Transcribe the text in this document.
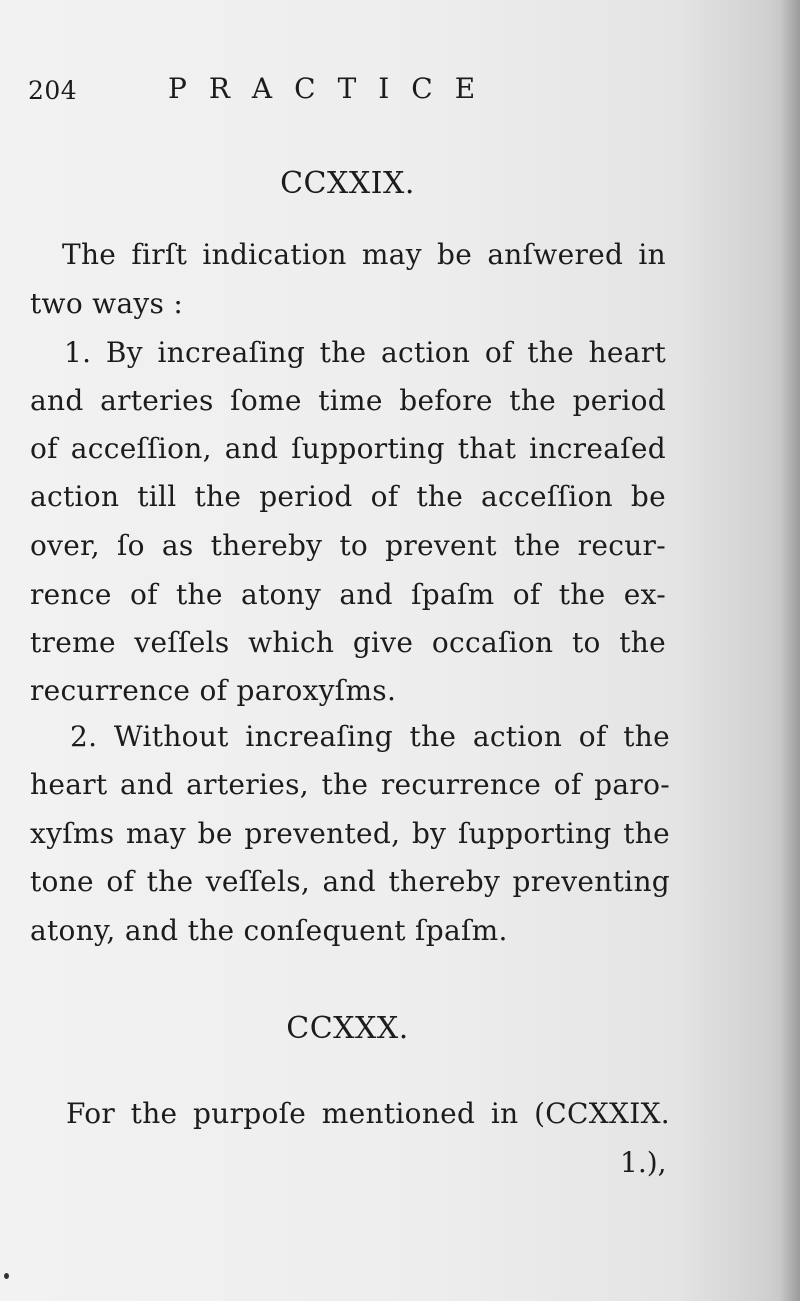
204	PRACTICE
CCXXIX.
The firſt indication may be anſwered in
two ways :
1. By increaſing the action of the heart
and arteries ſome time before the period
of acceſſion, and ſupporting that increaſed
action till the period of the acceſſion be
over, ſo as thereby to prevent the recur-
rence of the atony and ſpaſm of the ex-
treme veſſels which give occaſion to the
recurrence of paroxyſms.
2. Without increaſing the action of the
heart and arteries, the recurrence of paro-
xyſms may be prevented, by ſupporting the
tone of the veſſels, and thereby preventing
atony, and the conſequent ſpaſm.
CCXXX.
For the purpoſe mentioned in (CCXXIX.
1.),
